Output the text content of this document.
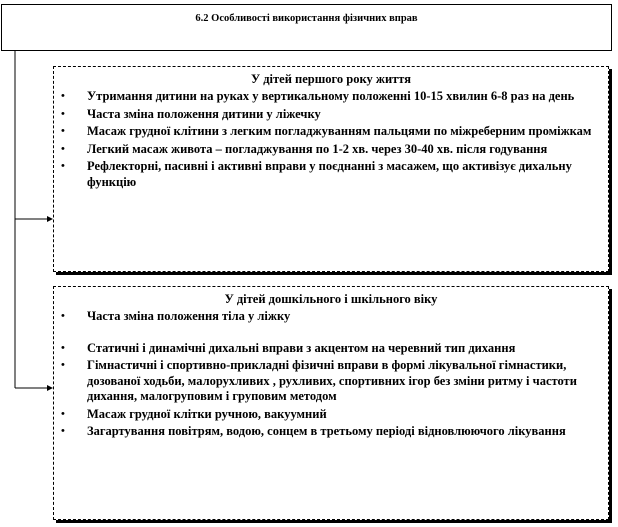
6.2 Особливості використання фізичних вправ
У дітей першого року життя
• Утримання дитини на руках у вертикальному положенні 10-15 хвилин 6-8 раз на день
• Часта зміна положення дитини у ліжечку
• Масаж грудної клітини з легким погладжуванням пальцями по міжреберним проміжкам
• Легкий масаж живота – погладжування по 1-2 хв. через 30-40 хв. після годування
• Рефлекторні, пасивні і активні вправи у поєднанні з масажем, що активізує дихальну функцію
У дітей дошкільного і шкільного віку
• Часта зміна положення тіла у ліжку
• Статичні і динамічні дихальні вправи з акцентом на черевний тип дихання
• Гімнастичні і спортивно-прикладні фізичні вправи в формі лікувальної гімнастики, дозованої ходьби, малорухливих , рухливих, спортивних ігор без зміни ритму і частоти дихання, малогруповим і груповим методом
• Масаж грудної клітки ручною, вакуумний
• Загартування повітрям, водою, сонцем в третьому періоді відновлюючого лікування
